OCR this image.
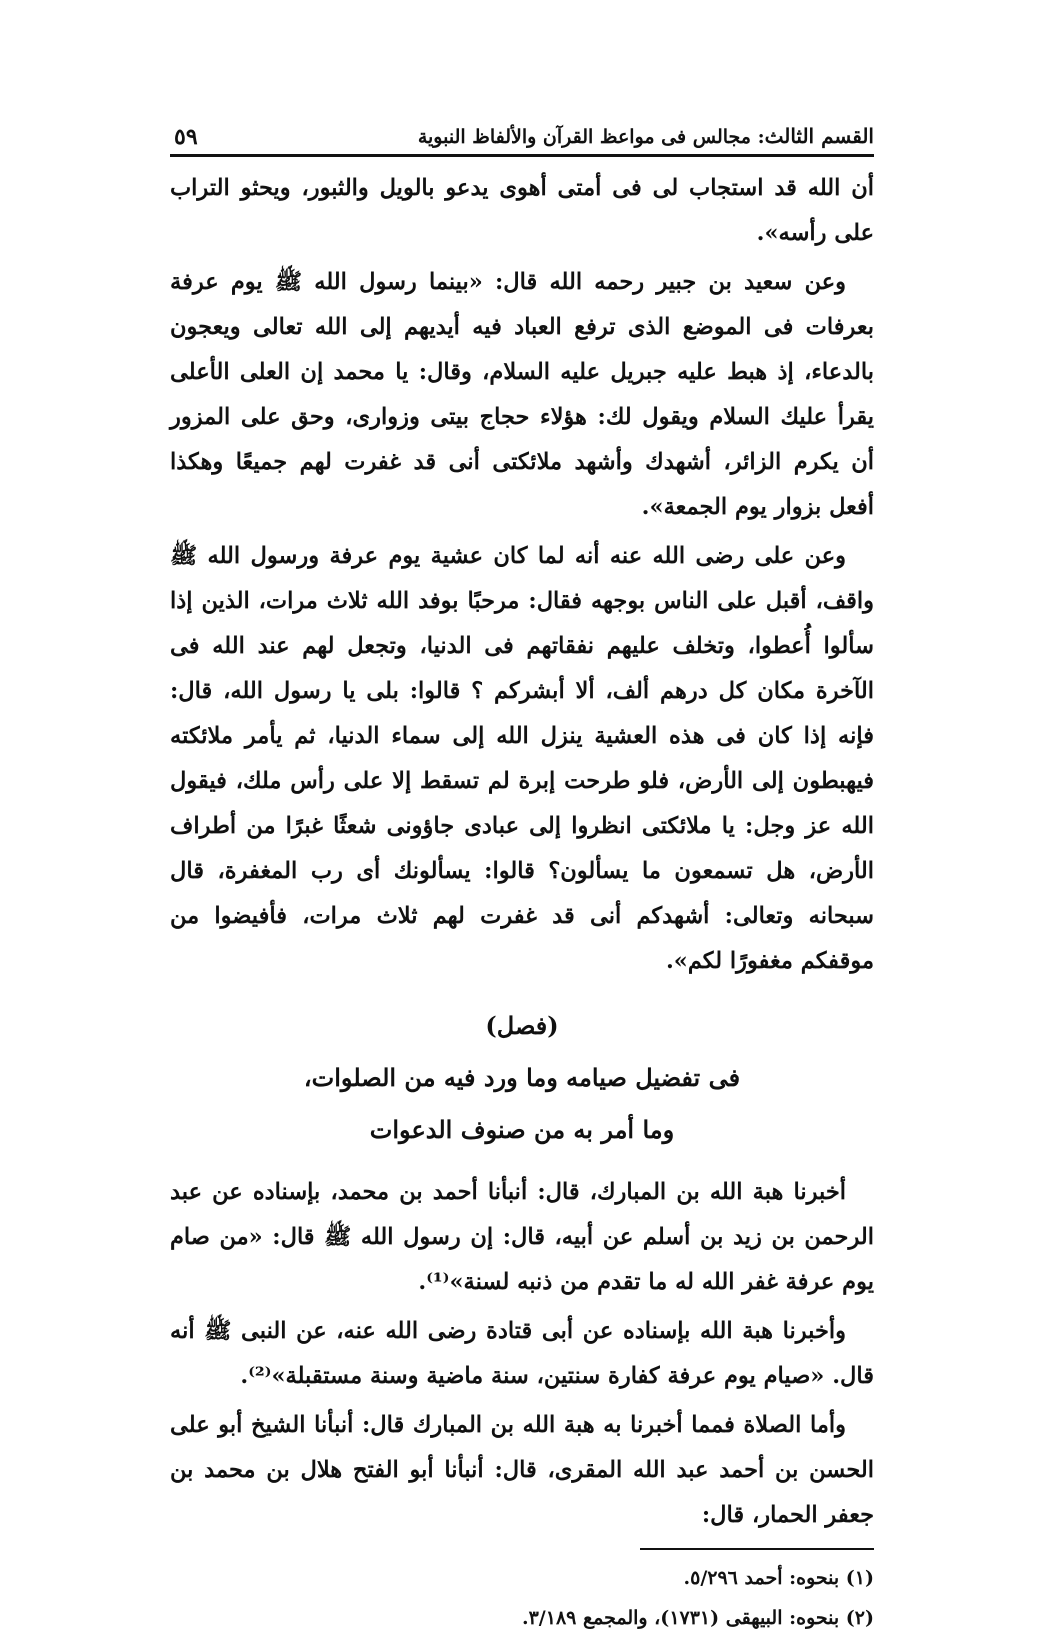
القسم الثالث: مجالس فى مواعظ القرآن والألفاظ النبوية
٥٩

أن الله قد استجاب لى فى أمتى أهوى يدعو بالويل والثبور، ويحثو التراب على رأسه».

وعن سعيد بن جبير رحمه الله قال: «بينما رسول الله ﷺ يوم عرفة بعرفات فى الموضع الذى ترفع العباد فيه أيديهم إلى الله تعالى ويعجون بالدعاء، إذ هبط عليه جبريل عليه السلام، وقال: يا محمد إن العلى الأعلى يقرأ عليك السلام ويقول لك: هؤلاء حجاج بيتى وزوارى، وحق على المزور أن يكرم الزائر، أشهدك وأشهد ملائكتى أنى قد غفرت لهم جميعًا وهكذا أفعل بزوار يوم الجمعة».

وعن على رضى الله عنه أنه لما كان عشية يوم عرفة ورسول الله ﷺ واقف، أقبل على الناس بوجهه فقال: مرحبًا بوفد الله ثلاث مرات، الذين إذا سألوا أُعطوا، وتخلف عليهم نفقاتهم فى الدنيا، وتجعل لهم عند الله فى الآخرة مكان كل درهم ألف، ألا أبشركم ؟ قالوا: بلى يا رسول الله، قال: فإنه إذا كان فى هذه العشية ينزل الله إلى سماء الدنيا، ثم يأمر ملائكته فيهبطون إلى الأرض، فلو طرحت إبرة لم تسقط إلا على رأس ملك، فيقول الله عز وجل: يا ملائكتى انظروا إلى عبادى جاؤونى شعثًا غبرًا من أطراف الأرض، هل تسمعون ما يسألون؟ قالوا: يسألونك أى رب المغفرة، قال سبحانه وتعالى: أشهدكم أنى قد غفرت لهم ثلاث مرات، فأفيضوا من موقفكم مغفورًا لكم».

(فصل)

فى تفضيل صيامه وما ورد فيه من الصلوات،

وما أمر به من صنوف الدعوات

أخبرنا هبة الله بن المبارك، قال: أنبأنا أحمد بن محمد، بإسناده عن عبد الرحمن بن زيد بن أسلم عن أبيه، قال: إن رسول الله ﷺ قال: «من صام يوم عرفة غفر الله له ما تقدم من ذنبه لسنة»⁽¹⁾.

وأخبرنا هبة الله بإسناده عن أبى قتادة رضى الله عنه، عن النبى ﷺ أنه قال. «صيام يوم عرفة كفارة سنتين، سنة ماضية وسنة مستقبلة»⁽²⁾.

وأما الصلاة فمما أخبرنا به هبة الله بن المبارك قال: أنبأنا الشيخ أبو على الحسن بن أحمد عبد الله المقرى، قال: أنبأنا أبو الفتح هلال بن محمد بن جعفر الحمار، قال:

(١) بنحوه: أحمد ٥/٢٩٦.

(٢) بنحوه: البيهقى (١٧٣١)، والمجمع ٣/١٨٩.
